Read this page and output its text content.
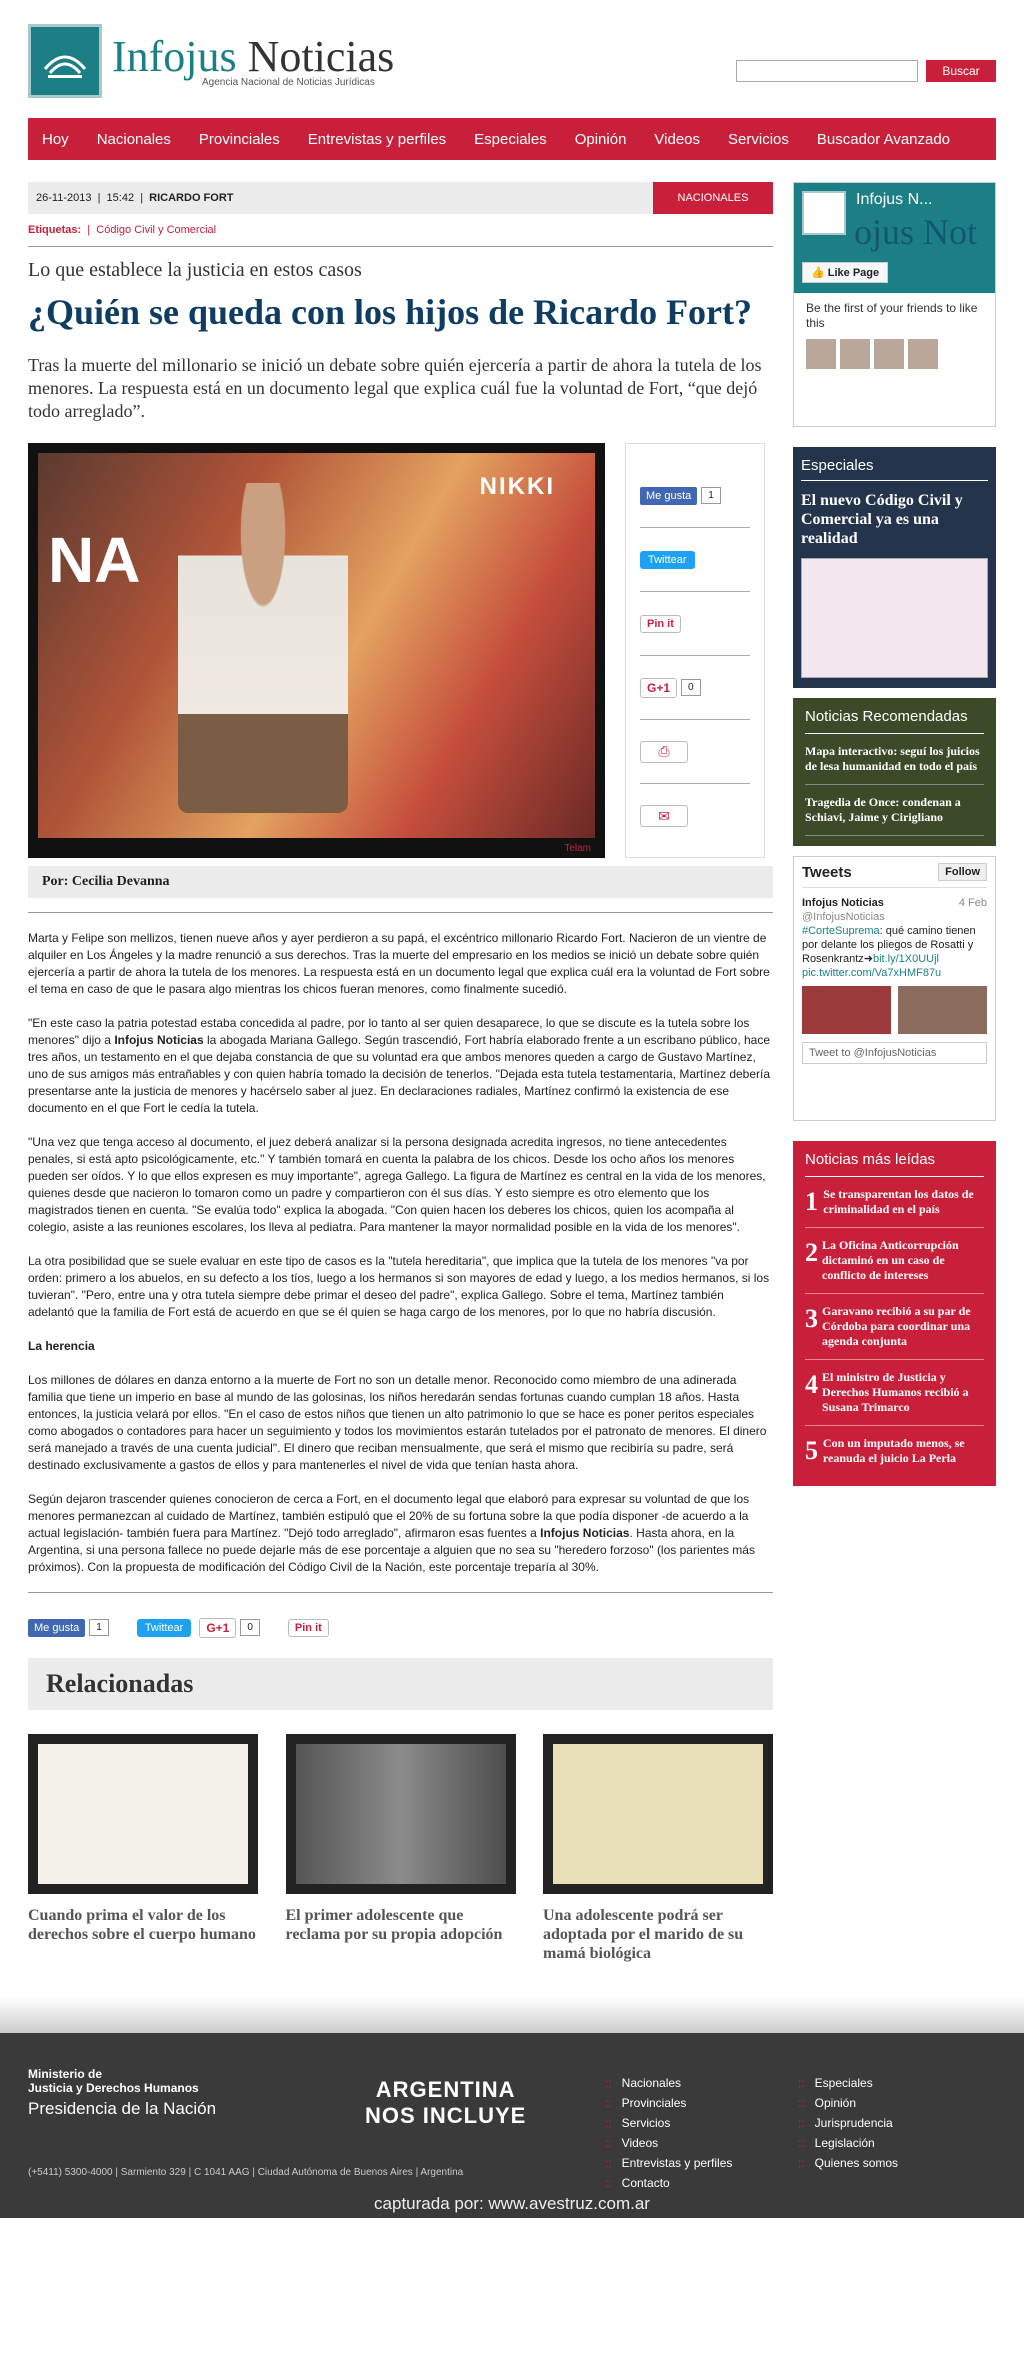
Infojus Noticias
Agencia Nacional de Noticias Jurídicas
Buscar
Hoy Nacionales Provinciales Entrevistas y perfiles Especiales Opinión Videos Servicios Buscador Avanzado
26-11-2013  |  15:42  |  RICARDO FORT	NACIONALES
Etiquetas:  |  Código Civil y Comercial
Lo que establece la justicia en estos casos
¿Quién se queda con los hijos de Ricardo Fort?
Tras la muerte del millonario se inició un debate sobre quién ejercería a partir de ahora la tutela de los menores. La respuesta está en un documento legal que explica cuál fue la voluntad de Fort, “que dejó todo arreglado”.
NA
NIKKI
Telam
Me gusta	1
Twittear
Pin it
G+1	0
⎙
✉
Por: Cecilia Devanna

Marta y Felipe son mellizos, tienen nueve años y ayer perdieron a su papá, el excéntrico millonario Ricardo Fort. Nacieron de un vientre de alquiler en Los Ángeles y la madre renunció a sus derechos. Tras la muerte del empresario en los medios se inició un debate sobre quién ejercería a partir de ahora la tutela de los menores. La respuesta está en un documento legal que explica cuál era la voluntad de Fort sobre el tema en caso de que le pasara algo mientras los chicos fueran menores, como finalmente sucedió.

"En este caso la patria potestad estaba concedida al padre, por lo tanto al ser quien desaparece, lo que se discute es la tutela sobre los menores" dijo a Infojus Noticias la abogada Mariana Gallego. Según trascendió, Fort habría elaborado frente a un escribano público, hace tres años, un testamento en el que dejaba constancia de que su voluntad era que ambos menores queden a cargo de Gustavo Martínez, uno de sus amigos más entrañables y con quien habría tomado la decisión de tenerlos. "Dejada esta tutela testamentaria, Martínez debería presentarse ante la justicia de menores y hacérselo saber al juez. En declaraciones radiales, Martínez confirmó la existencia de ese documento en el que Fort le cedía la tutela.

"Una vez que tenga acceso al documento, el juez deberá analizar si la persona designada acredita ingresos, no tiene antecedentes penales, si está apto psicológicamente, etc." Y también tomará en cuenta la palabra de los chicos. Desde los ocho años los menores pueden ser oídos. Y lo que ellos expresen es muy importante", agrega Gallego. La figura de Martínez es central en la vida de los menores, quienes desde que nacieron lo tomaron como un padre y compartieron con él sus días. Y esto siempre es otro elemento que los magistrados tienen en cuenta. "Se evalúa todo" explica la abogada. "Con quien hacen los deberes los chicos, quien los acompaña al colegio, asiste a las reuniones escolares, los lleva al pediatra. Para mantener la mayor normalidad posible en la vida de los menores".

La otra posibilidad que se suele evaluar en este tipo de casos es la "tutela hereditaria", que implica que la tutela de los menores "va por orden: primero a los abuelos, en su defecto a los tíos, luego a los hermanos si son mayores de edad y luego, a los medios hermanos, si los tuvieran". "Pero, entre una y otra tutela siempre debe primar el deseo del padre", explica Gallego. Sobre el tema, Martínez también adelantó que la familia de Fort está de acuerdo en que se él quien se haga cargo de los menores, por lo que no habría discusión.

La herencia

Los millones de dólares en danza entorno a la muerte de Fort no son un detalle menor. Reconocido como miembro de una adinerada familia que tiene un imperio en base al mundo de las golosinas, los niños heredarán sendas fortunas cuando cumplan 18 años. Hasta entonces, la justicia velará por ellos. "En el caso de estos niños que tienen un alto patrimonio lo que se hace es poner peritos especiales como abogados o contadores para hacer un seguimiento y todos los movimientos estarán tutelados por el patronato de menores. El dinero será manejado a través de una cuenta judicial". El dinero que reciban mensualmente, que será el mismo que recibiría su padre, será destinado exclusivamente a gastos de ellos y para mantenerles el nivel de vida que tenían hasta ahora.

Según dejaron trascender quienes conocieron de cerca a Fort, en el documento legal que elaboró para expresar su voluntad de que los menores permanezcan al cuidado de Martínez, también estipuló que el 20% de su fortuna sobre la que podía disponer -de acuerdo a la actual legislación- también fuera para Martínez. "Dejó todo arreglado", afirmaron esas fuentes a Infojus Noticias. Hasta ahora, en la Argentina, si una persona fallece no puede dejarle más de ese porcentaje a alguien que no sea su "heredero forzoso" (los parientes más próximos). Con la propuesta de modificación del Código Civil de la Nación, este porcentaje treparía al 30%.

Me gusta	1	Twittear	G+1	0	Pin it
Relacionadas
Cuando prima el valor de los derechos sobre el cuerpo humano
El primer adolescente que reclama por su propia adopción
Una adolescente podrá ser adoptada por el marido de su mamá biológica
Infojus N...
ojus Not
👍 Like Page
Be the first of your friends to like this
Especiales
El nuevo Código Civil y Comercial ya es una realidad
Noticias Recomendadas
Mapa interactivo: seguí los juicios de lesa humanidad en todo el país
Tragedia de Once: condenan a Schiavi, Jaime y Cirigliano
Tweets	Follow
Infojus Noticias	4 Feb
@InfojusNoticias
#CorteSuprema: qué camino tienen por delante los pliegos de Rosatti y Rosenkrantz➜bit.ly/1X0UUjl pic.twitter.com/Va7xHMF87u
Tweet to @InfojusNoticias
Noticias más leídas
1 Se transparentan los datos de criminalidad en el país
2 La Oficina Anticorrupción dictaminó en un caso de conflicto de intereses
3 Garavano recibió a su par de Córdoba para coordinar una agenda conjunta
4 El ministro de Justicia y Derechos Humanos recibió a Susana Trimarco
5 Con un imputado menos, se reanuda el juicio La Perla
Ministerio de
Justicia y Derechos Humanos
Presidencia de la Nación
ARGENTINA
NOS INCLUYE
:: Nacionales
:: Provinciales
:: Servicios
:: Videos
:: Entrevistas y perfiles
:: Contacto
:: Especiales
:: Opinión
:: Jurisprudencia
:: Legislación
:: Quienes somos
(+5411) 5300-4000 | Sarmiento 329 | C 1041 AAG | Ciudad Autónoma de Buenos Aires | Argentina
capturada por: www.avestruz.com.ar
